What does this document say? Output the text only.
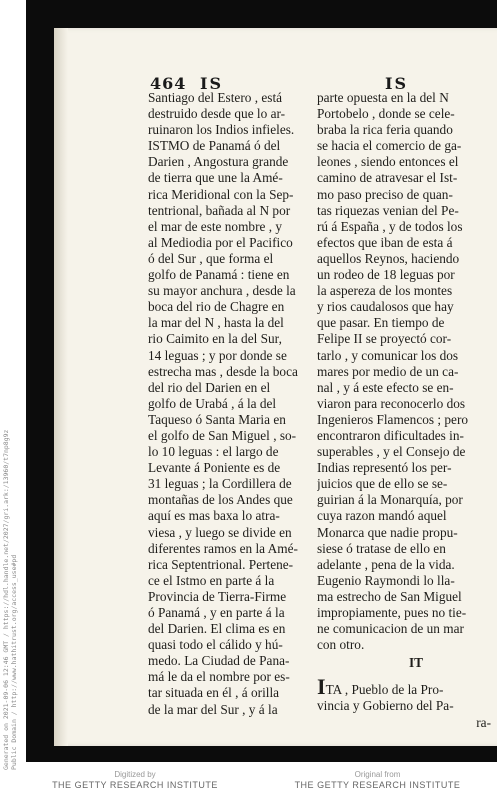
464 IS	IS
Santiago del Estero , está
destruido desde que lo ar-
ruinaron los Indios infieles.
ISTMO de Panamá ó del
Darien , Angostura grande
de tierra que une la Amé-
rica Meridional con la Sep-
tentrional, bañada al N por
el mar de este nombre , y
al Mediodia por el Pacifico
ó del Sur , que forma el
golfo de Panamá : tiene en
su mayor anchura , desde la
boca del rio de Chagre en
la mar del N , hasta la del
rio Caimito en la del Sur,
14 leguas ; y por donde se
estrecha mas , desde la boca
del rio del Darien en el
golfo de Urabá , á la del
Taqueso ó Santa Maria en
el golfo de San Miguel , so-
lo 10 leguas : el largo de
Levante á Poniente es de
31 leguas ; la Cordillera de
montañas de los Andes que
aquí es mas baxa lo atra-
viesa , y luego se divide en
diferentes ramos en la Amé-
rica Septentrional. Pertene-
ce el Istmo en parte á la
Provincia de Tierra-Firme
ó Panamá , y en parte á la
del Darien. El clima es en
quasi todo el cálido y hú-
medo. La Ciudad de Pana-
má le da el nombre por es-
tar situada en él , á orilla
de la mar del Sur , y á la
parte opuesta en la del N
Portobelo , donde se cele-
braba la rica feria quando
se hacia el comercio de ga-
leones , siendo entonces el
camino de atravesar el Ist-
mo paso preciso de quan-
tas riquezas venian del Pe-
rú á España , y de todos los
efectos que iban de esta á
aquellos Reynos, haciendo
un rodeo de 18 leguas por
la aspereza de los montes
y rios caudalosos que hay
que pasar. En tiempo de
Felipe II se proyectó cor-
tarlo , y comunicar los dos
mares por medio de un ca-
nal , y á este efecto se en-
viaron para reconocerlo dos
Ingenieros Flamencos ; pero
encontraron dificultades in-
superables , y el Consejo de
Indias representó los per-
juicios que de ello se se-
guirian á la Monarquía, por
cuya razon mandó aquel
Monarca que nadie propu-
siese ó tratase de ello en
adelante , pena de la vida.
Eugenio Raymondi lo lla-
ma estrecho de San Miguel
impropiamente, pues no tie-
ne comunicacion de un mar
con otro.
IT
ITA , Pueblo de la Pro-
vincia y Gobierno del Pa-
ra-
Generated on 2021-09-06 12:46 GMT / https://hdl.handle.net/2027/gri.ark:/13960/t7np8g9z Public Domain / http://www.hathitrust.org/access_use#pd
Digitized by
THE GETTY RESEARCH INSTITUTE
Original from
THE GETTY RESEARCH INSTITUTE
